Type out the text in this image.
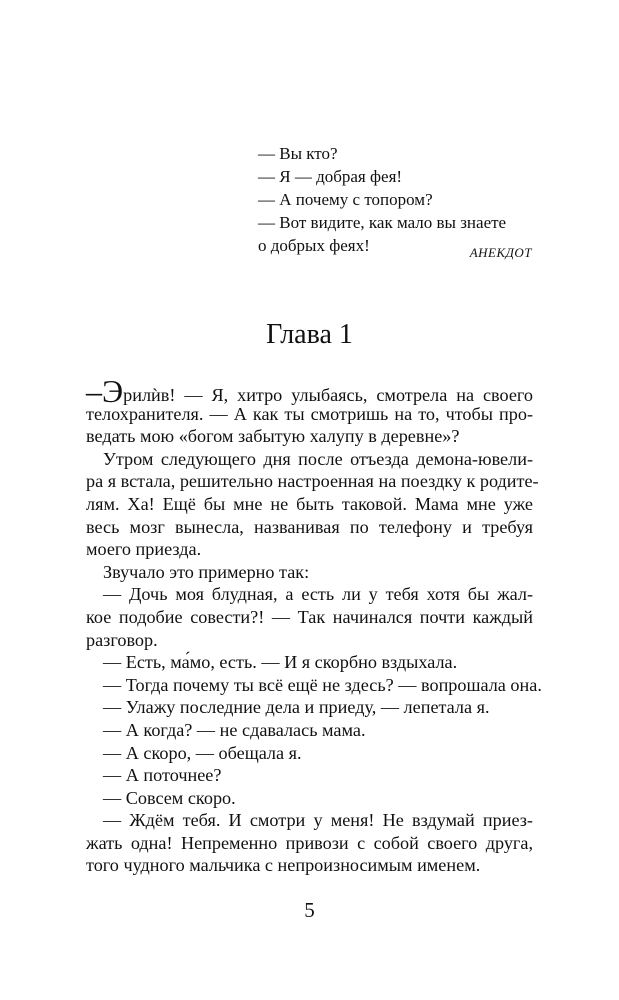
— Вы кто?
— Я — добрая фея!
— А почему с топором?
— Вот видите, как мало вы знаете
о добрых феях!	АНЕКДОТ
Глава 1
–Эрилѝв! — Я, хитро улыбаясь, смотрела на своего
телохранителя. — А как ты смотришь на то, чтобы про-
ведать мою «богом забытую халупу в деревне»?
Утром следующего дня после отъезда демона-ювели-
ра я встала, решительно настроенная на поездку к родите-
лям. Ха! Ещё бы мне не быть таковой. Мама мне уже
весь мозг вынесла, названивая по телефону и требуя
моего приезда.
Звучало это примерно так:
— Дочь моя блудная, а есть ли у тебя хотя бы жал-
кое подобие совести?! — Так начинался почти каждый
разговор.
— Есть, ма́мо, есть. — И я скорбно вздыхала.
— Тогда почему ты всё ещё не здесь? — вопрошала она.
— Улажу последние дела и приеду, — лепетала я.
— А когда? — не сдавалась мама.
— А скоро, — обещала я.
— А поточнее?
— Совсем скоро.
— Ждём тебя. И смотри у меня! Не вздумай приез-
жать одна! Непременно привози с собой своего друга,
того чудного мальчика с непроизносимым именем.
5
